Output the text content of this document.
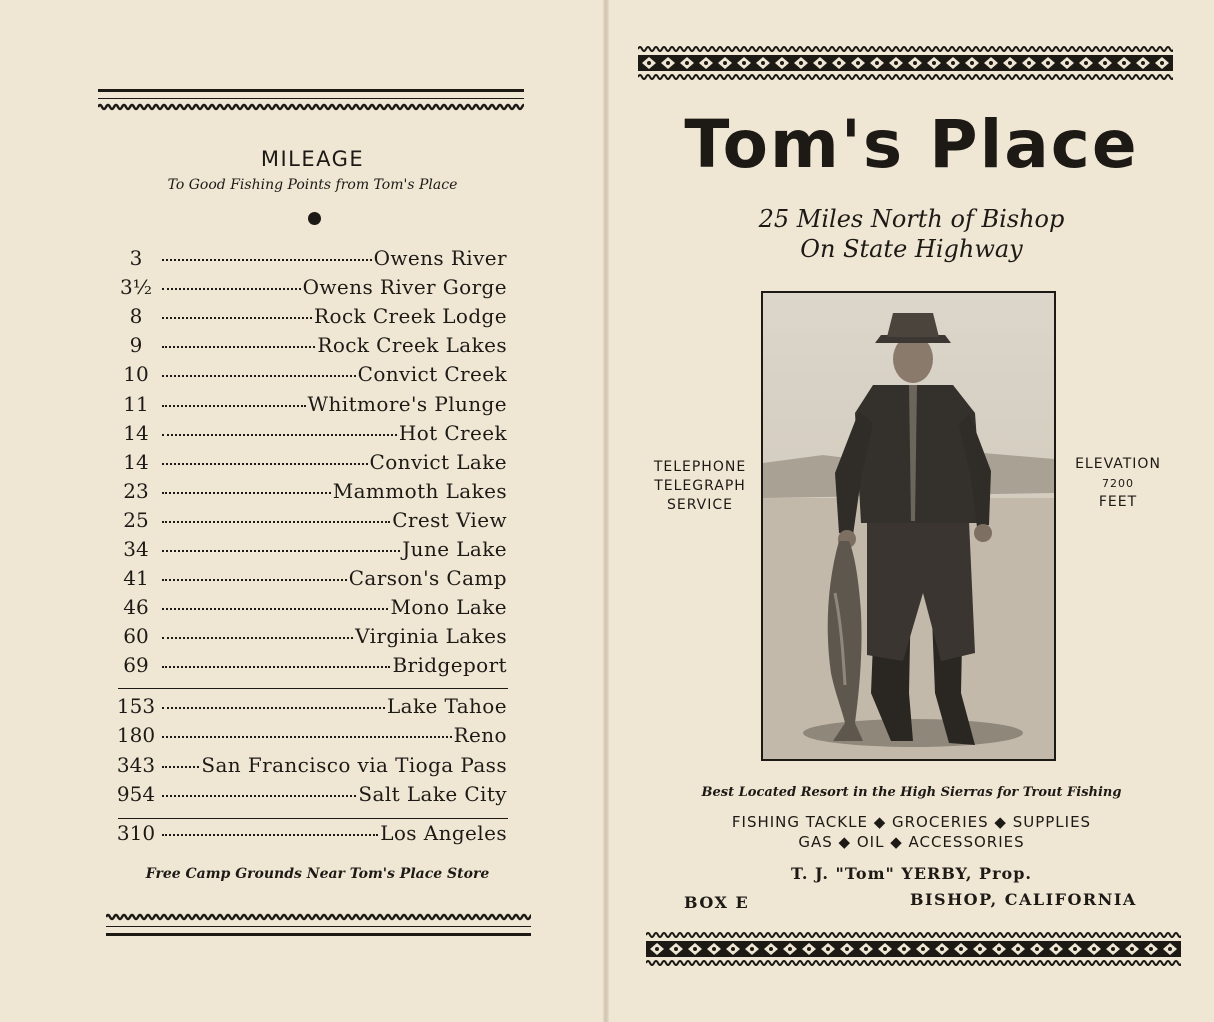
MILEAGE
To Good Fishing Points from Tom's Place
3	Owens River
3½	Owens River Gorge
8	Rock Creek Lodge
9	Rock Creek Lakes
10	Convict Creek
11	Whitmore's Plunge
14	Hot Creek
14	Convict Lake
23	Mammoth Lakes
25	Crest View
34	June Lake
41	Carson's Camp
46	Mono Lake
60	Virginia Lakes
69	Bridgeport
153	Lake Tahoe
180	Reno
343 San Francisco via Tioga Pass
954	Salt Lake City
310	Los Angeles
Free Camp Grounds Near Tom's Place Store
Tom's Place
25 Miles North of Bishop
On State Highway
TELEPHONE
TELEGRAPH
SERVICE
ELEVATION
7200
FEET
Best Located Resort in the High Sierras for Trout Fishing
FISHING TACKLE ◆ GROCERIES ◆ SUPPLIES
GAS ◆ OIL ◆ ACCESSORIES
T. J. "Tom" YERBY, Prop.
BOX E	BISHOP, CALIFORNIA
